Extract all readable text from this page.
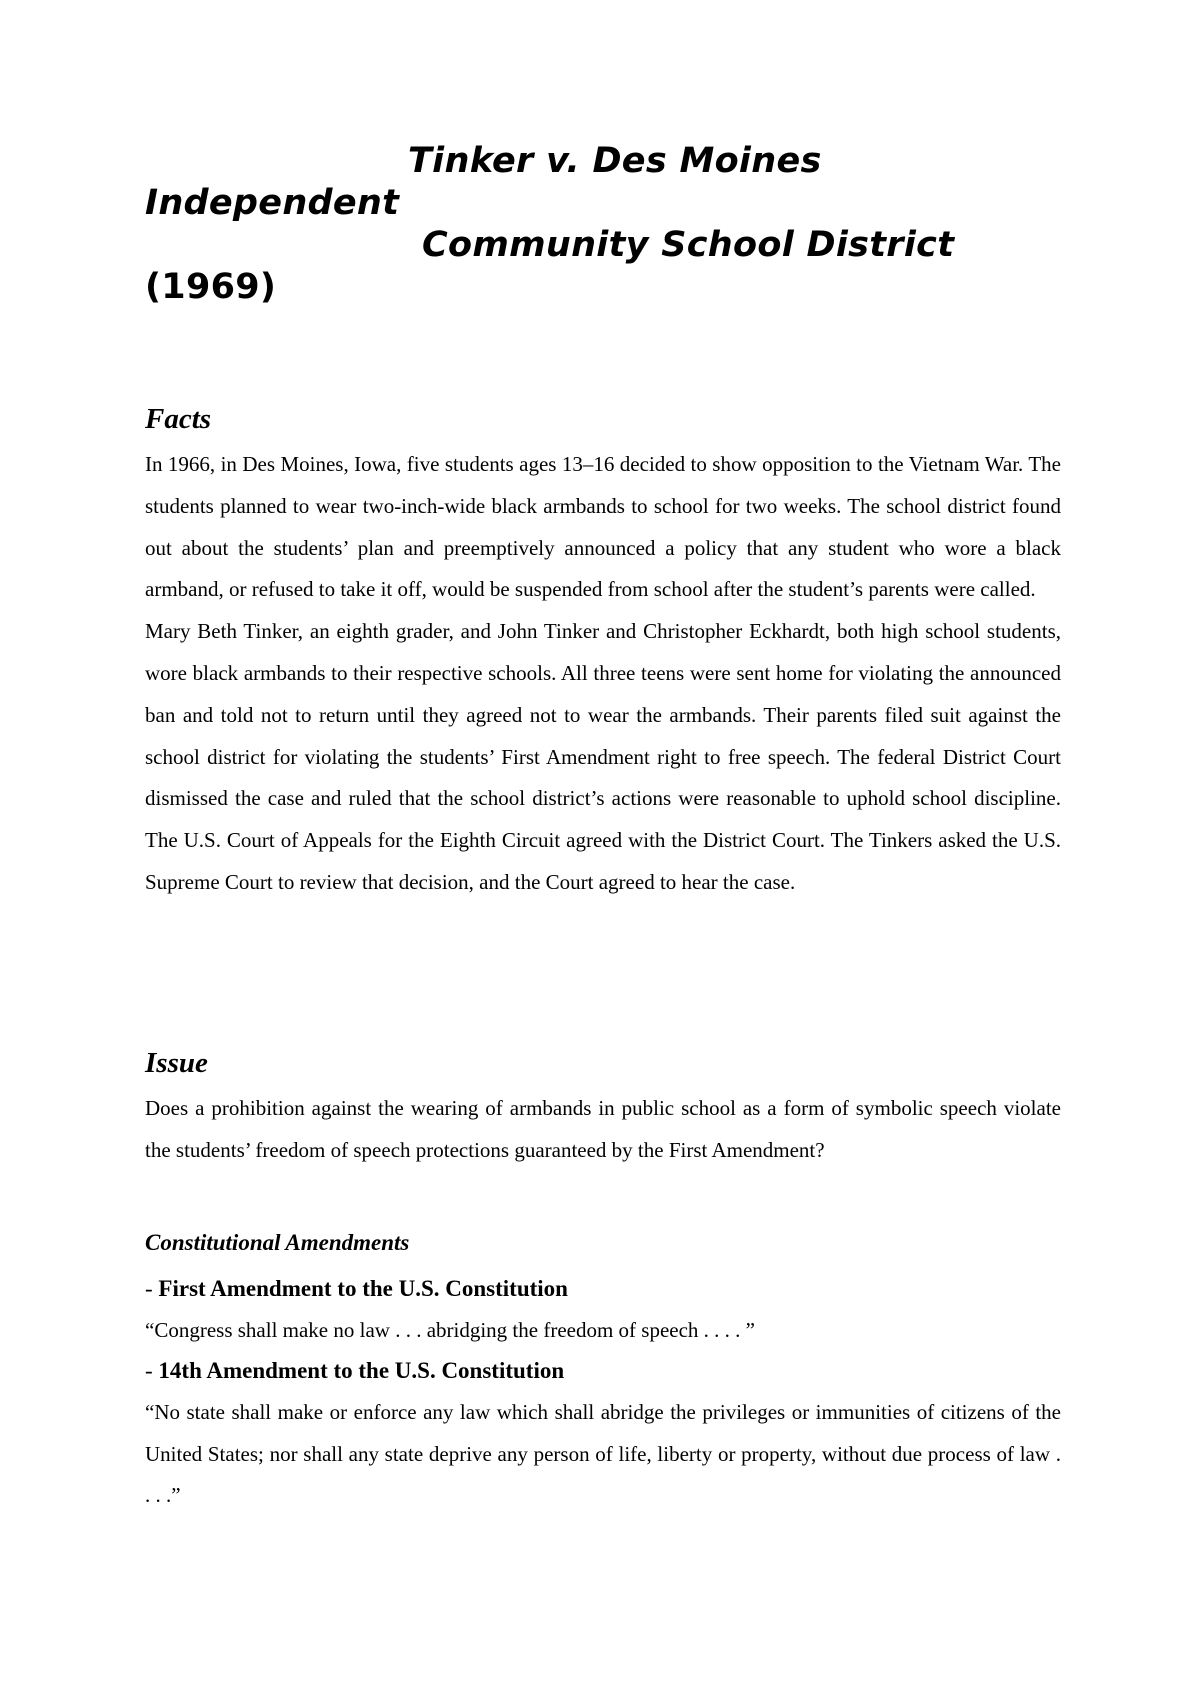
Tinker v. Des Moines
Independent
Community School District
(1969)
Facts

In 1966, in Des Moines, Iowa, five students ages 13–16 decided to show opposition to the Vietnam War. The students planned to wear two-inch-wide black armbands to school for two weeks. The school district found out about the students’ plan and preemptively announced a policy that any student who wore a black armband, or refused to take it off, would be suspended from school after the student’s parents were called.

Mary Beth Tinker, an eighth grader, and John Tinker and Christopher Eckhardt, both high school students, wore black armbands to their respective schools. All three teens were sent home for violating the announced ban and told not to return until they agreed not to wear the armbands. Their parents filed suit against the school district for violating the students’ First Amendment right to free speech. The federal District Court dismissed the case and ruled that the school district’s actions were reasonable to uphold school discipline. The U.S. Court of Appeals for the Eighth Circuit agreed with the District Court. The Tinkers asked the U.S. Supreme Court to review that decision, and the Court agreed to hear the case.

Issue

Does a prohibition against the wearing of armbands in public school as a form of symbolic speech violate the students’ freedom of speech protections guaranteed by the First Amendment?

Constitutional Amendments
- First Amendment to the U.S. Constitution

“Congress shall make no law . . . abridging the freedom of speech . . . . ”

- 14th Amendment to the U.S. Constitution

“No state shall make or enforce any law which shall abridge the privileges or immunities of citizens of the United States; nor shall any state deprive any person of life, liberty or property, without due process of law . . . .”
